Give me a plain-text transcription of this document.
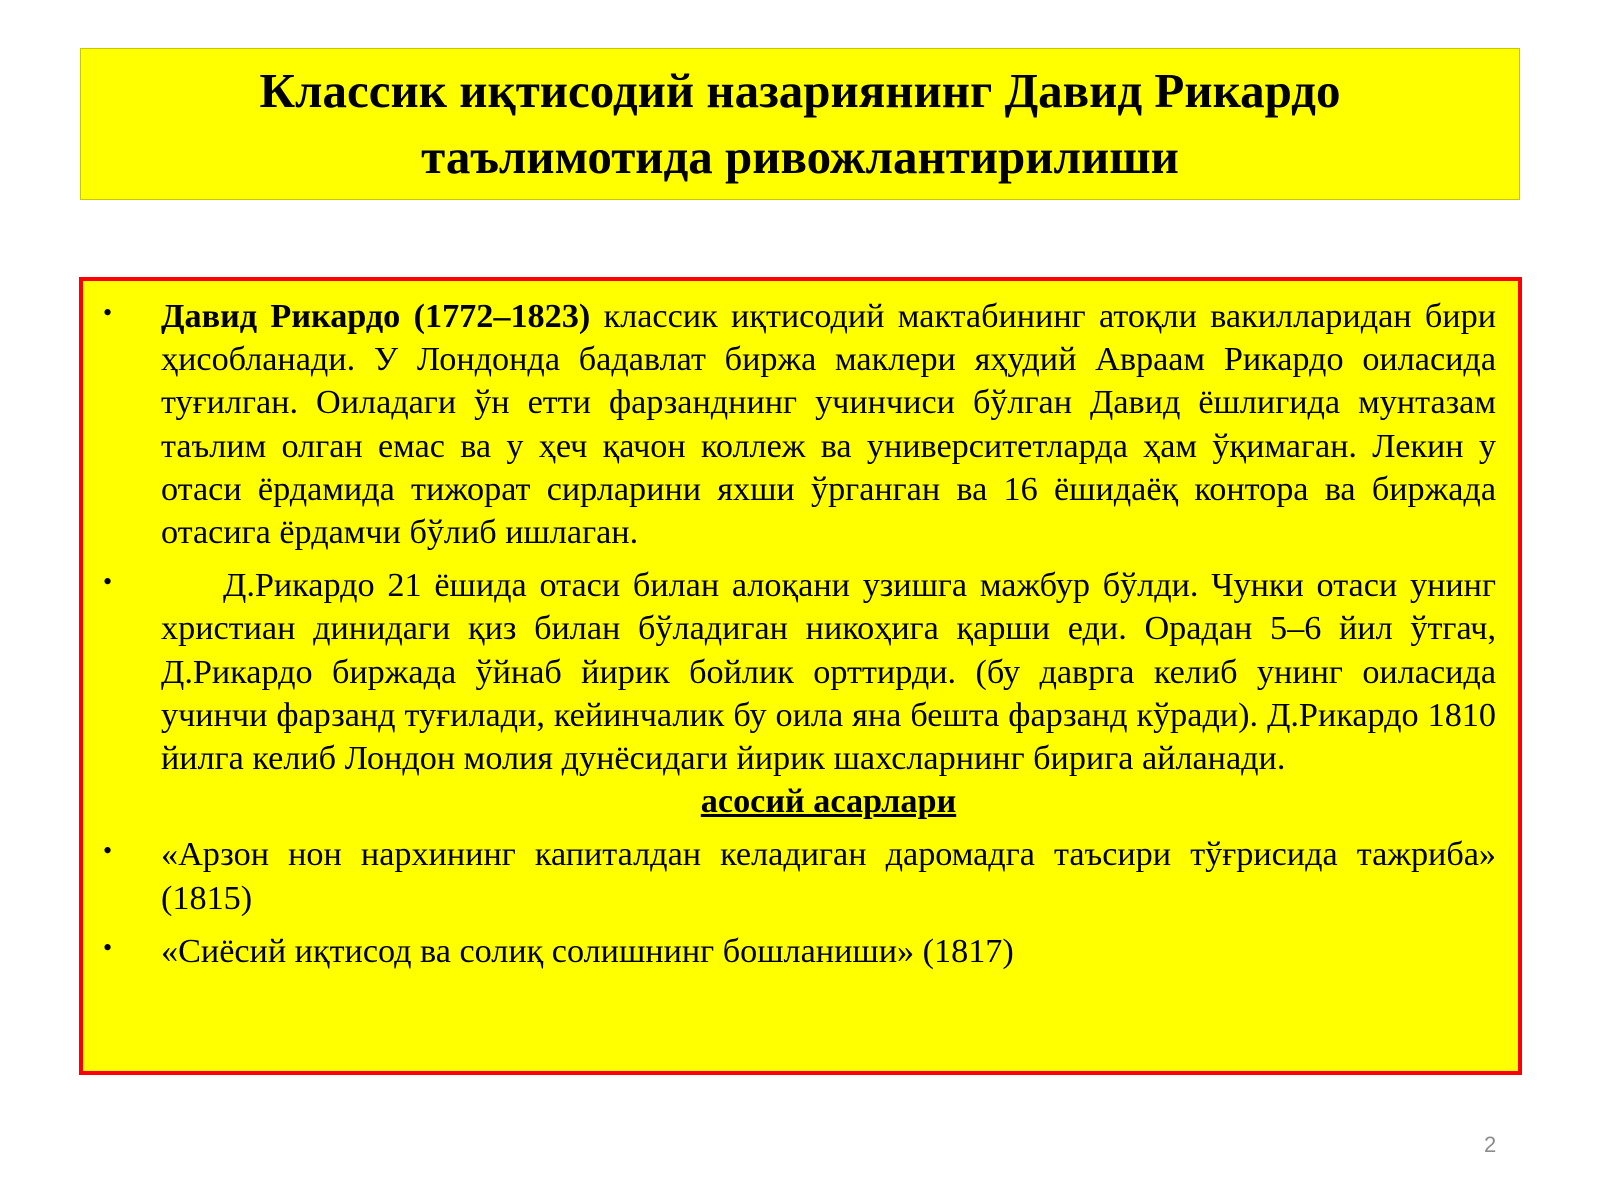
Классик иқтисодий назариянинг Давид Рикардо
таълимотида ривожлантирилиши
• Давид Рикардо (1772–1823) классик иқтисодий мактабининг атоқли вакилларидан бири ҳисобланади. У Лондонда бадавлат биржа маклери яҳудий Авраам Рикардо оиласида туғилган. Оиладаги ўн етти фарзанднинг учинчиси бўлган Давид ёшлигида мунтазам таълим олган емас ва у ҳеч қачон коллеж ва университетларда ҳам ўқимаган. Лекин у отаси ёрдамида тижорат сирларини яхши ўрганган ва 16 ёшидаёқ контора ва биржада отасига ёрдамчи бўлиб ишлаган.
•	Д.Рикардо 21 ёшида отаси билан алоқани узишга мажбур бўлди. Чунки отаси унинг христиан динидаги қиз билан бўладиган никоҳига қарши еди. Орадан 5–6 йил ўтгач, Д.Рикардо биржада ўйнаб йирик бойлик орттирди. (бу даврга келиб унинг оиласида учинчи фарзанд туғилади, кейинчалик бу оила яна бешта фарзанд кўради). Д.Рикардо 1810 йилга келиб Лондон молия дунёсидаги йирик шахсларнинг бирига айланади.
асосий асарлари
• «Арзон нон нархининг капиталдан келадиган даромадга таъсири тўғрисида тажриба» (1815)
• «Сиёсий иқтисод ва солиқ солишнинг бошланиши» (1817)
2
